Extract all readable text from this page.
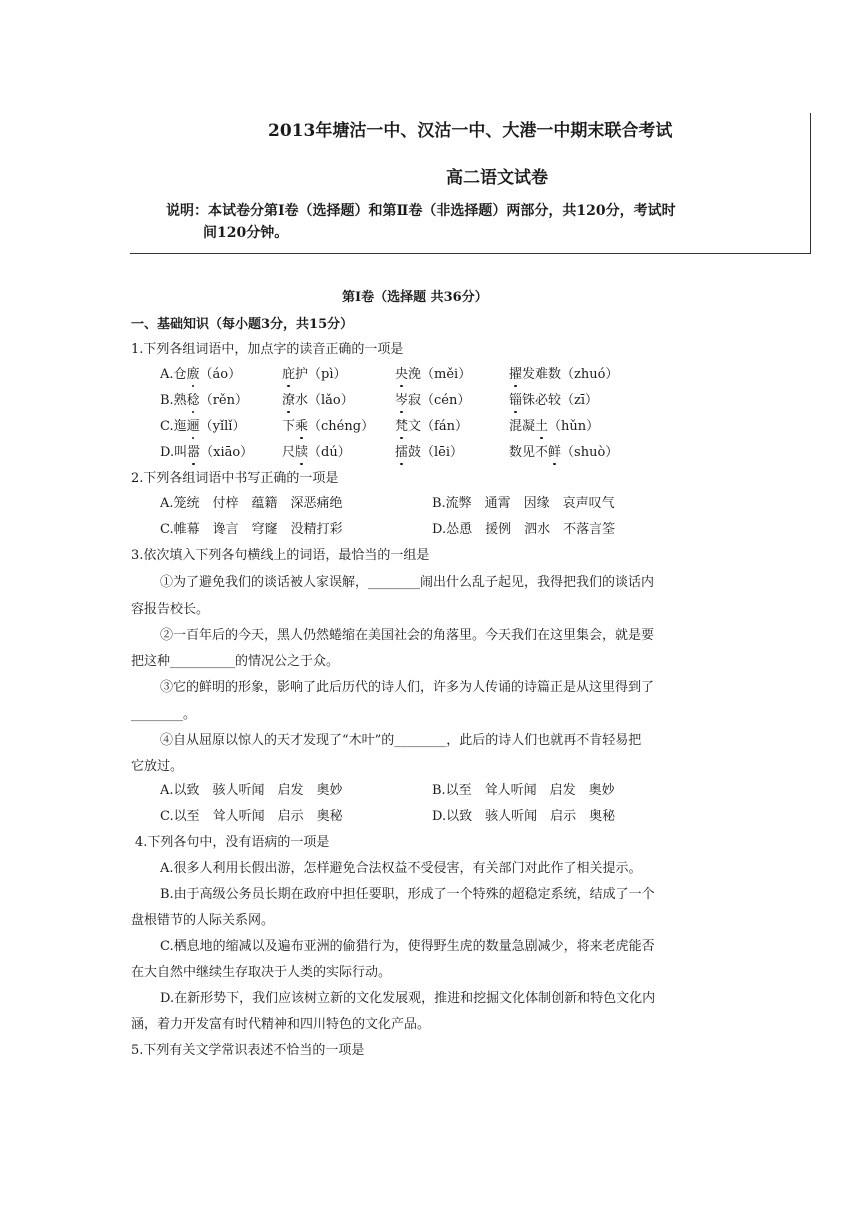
2013年塘沽一中、汉沽一中、大港一中期末联合考试
高二语文试卷
说明：本试卷分第Ⅰ卷（选择题）和第Ⅱ卷（非选择题）两部分，共120分，考试时
间120分钟。
第Ⅰ卷（选择题 共36分）
一、基础知识（每小题3分，共15分）
1.下列各组词语中，加点字的读音正确的一项是
A.仓廒（áo）	庇护（pì）	央浼（měi）	擢发难数（zhuó）
B.熟稔（rěn）	潦水（lǎo）	岑寂（cén）	锱铢必较（zī）
C.迤逦（yǐlǐ）	下乘（chéng） 梵文（fán）	混凝土（hǔn）
D.叫嚣（xiāo） 尺牍（dú）	擂鼓（lēi）	数见不鲜（shuò）
2.下列各组词语中书写正确的一项是
A.笼统　付梓　蕴籍　深恶痛绝	B.流弊　通霄　因缘　哀声叹气
C.帷幕　谗言　穹窿　没精打彩	D.怂恿　援例　泗水　不落言筌
3.依次填入下列各句横线上的词语，最恰当的一组是
①为了避免我们的谈话被人家误解，________闹出什么乱子起见，我得把我们的谈话内
容报告校长。
②一百年后的今天，黑人仍然蜷缩在美国社会的角落里。今天我们在这里集会，就是要
把这种__________的情况公之于众。
③它的鲜明的形象，影响了此后历代的诗人们，许多为人传诵的诗篇正是从这里得到了
________。
④自从屈原以惊人的天才发现了“木叶”的________，此后的诗人们也就再不肯轻易把
它放过。
A.以致　骇人听闻　启发　奥妙	B.以至　耸人听闻　启发　奥妙
C.以至　耸人听闻　启示　奥秘	D.以致　骇人听闻　启示　奥秘
4.下列各句中，没有语病的一项是
A.很多人利用长假出游，怎样避免合法权益不受侵害，有关部门对此作了相关提示。
B.由于高级公务员长期在政府中担任要职，形成了一个特殊的超稳定系统，结成了一个
盘根错节的人际关系网。
C.栖息地的缩减以及遍布亚洲的偷猎行为，使得野生虎的数量急剧减少，将来老虎能否
在大自然中继续生存取决于人类的实际行动。
D.在新形势下，我们应该树立新的文化发展观，推进和挖掘文化体制创新和特色文化内
涵，着力开发富有时代精神和四川特色的文化产品。
5.下列有关文学常识表述不恰当的一项是
